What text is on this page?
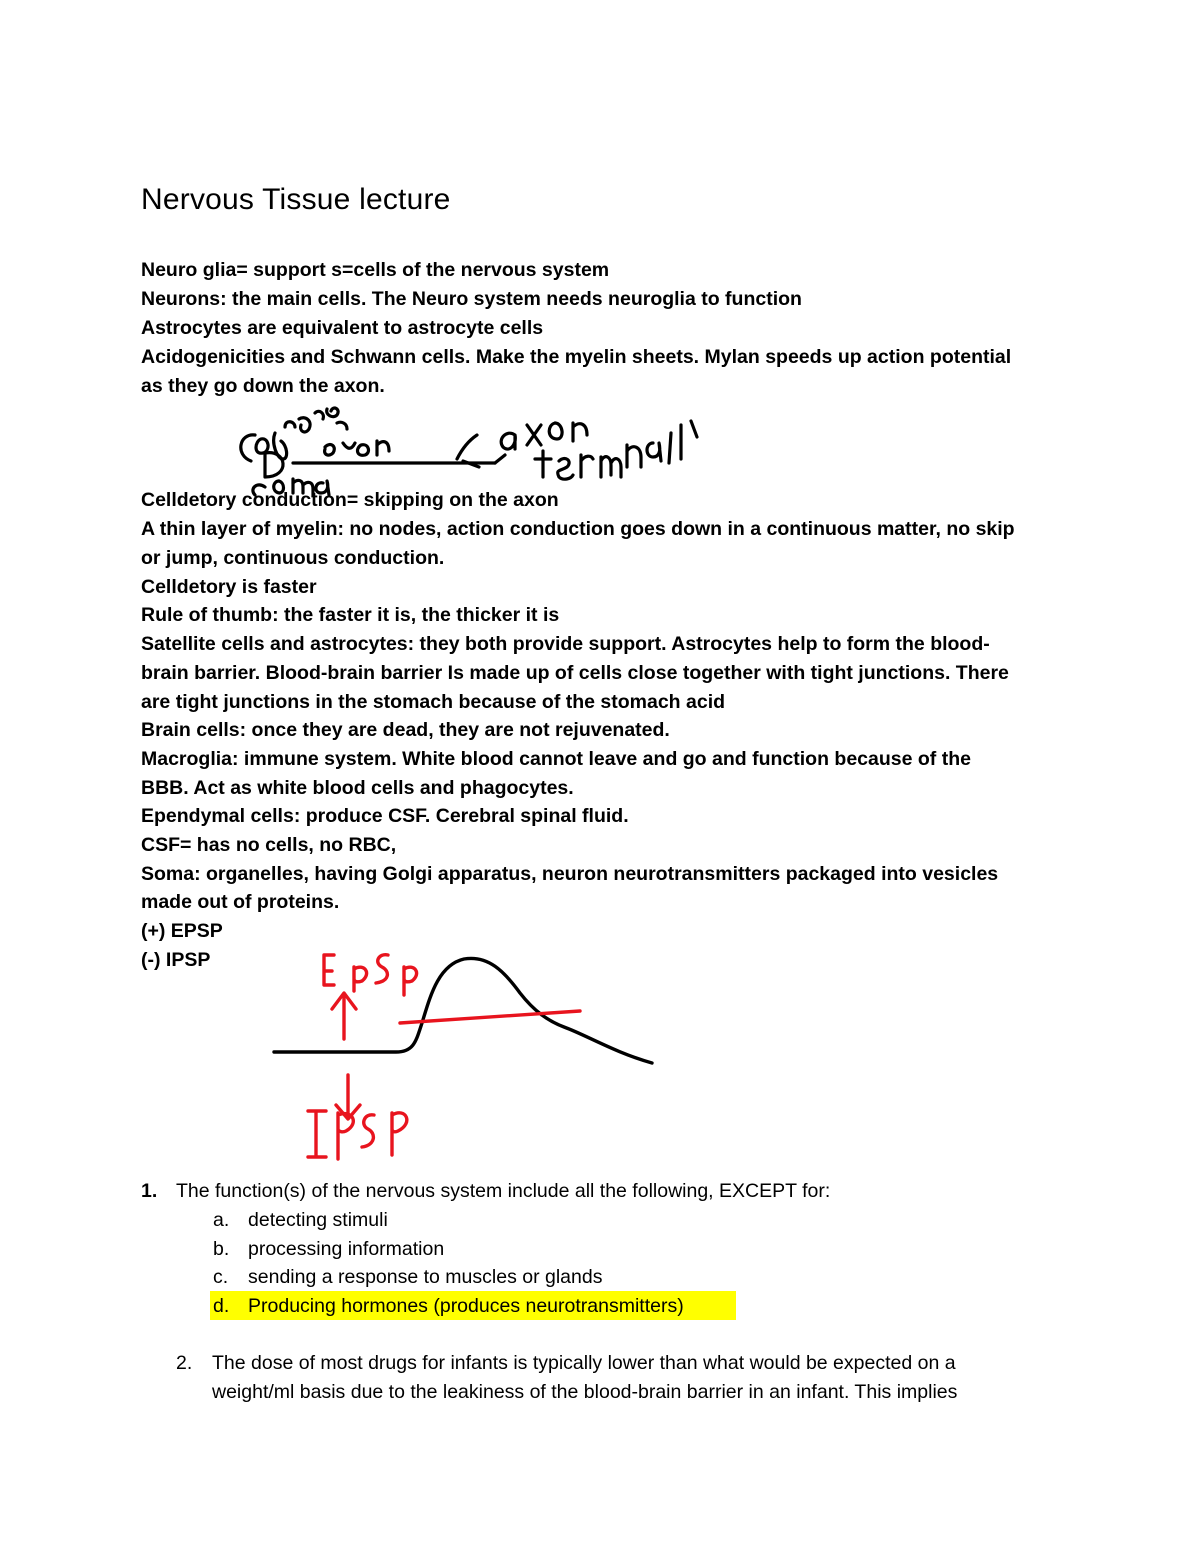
Nervous Tissue lecture
Neuro glia= support s=cells of the nervous system
Neurons: the main cells. The Neuro system needs neuroglia to function
Astrocytes are equivalent to astrocyte cells
Acidogenicities and Schwann cells. Make the myelin sheets. Mylan speeds up action potential
as they go down the axon.
Celldetory conduction= skipping on the axon
A thin layer of myelin: no nodes, action conduction goes down in a continuous matter, no skip
or jump, continuous conduction.
Celldetory is faster
Rule of thumb: the faster it is, the thicker it is
Satellite cells and astrocytes: they both provide support. Astrocytes help to form the blood-
brain barrier. Blood-brain barrier Is made up of cells close together with tight junctions. There
are tight junctions in the stomach because of the stomach acid
Brain cells: once they are dead, they are not rejuvenated.
Macroglia: immune system. White blood cannot leave and go and function because of the
BBB. Act as white blood cells and phagocytes.
Ependymal cells: produce CSF. Cerebral spinal fluid.
CSF= has no cells, no RBC,
Soma: organelles, having Golgi apparatus, neuron neurotransmitters packaged into vesicles
made out of proteins.
(+) EPSP
(-) IPSP
1. The function(s) of the nervous system include all the following, EXCEPT for:
a. detecting stimuli
b. processing information
c. sending a response to muscles or glands
d. Producing hormones (produces neurotransmitters)
2. The dose of most drugs for infants is typically lower than what would be expected on a
weight/ml basis due to the leakiness of the blood-brain barrier in an infant. This implies
